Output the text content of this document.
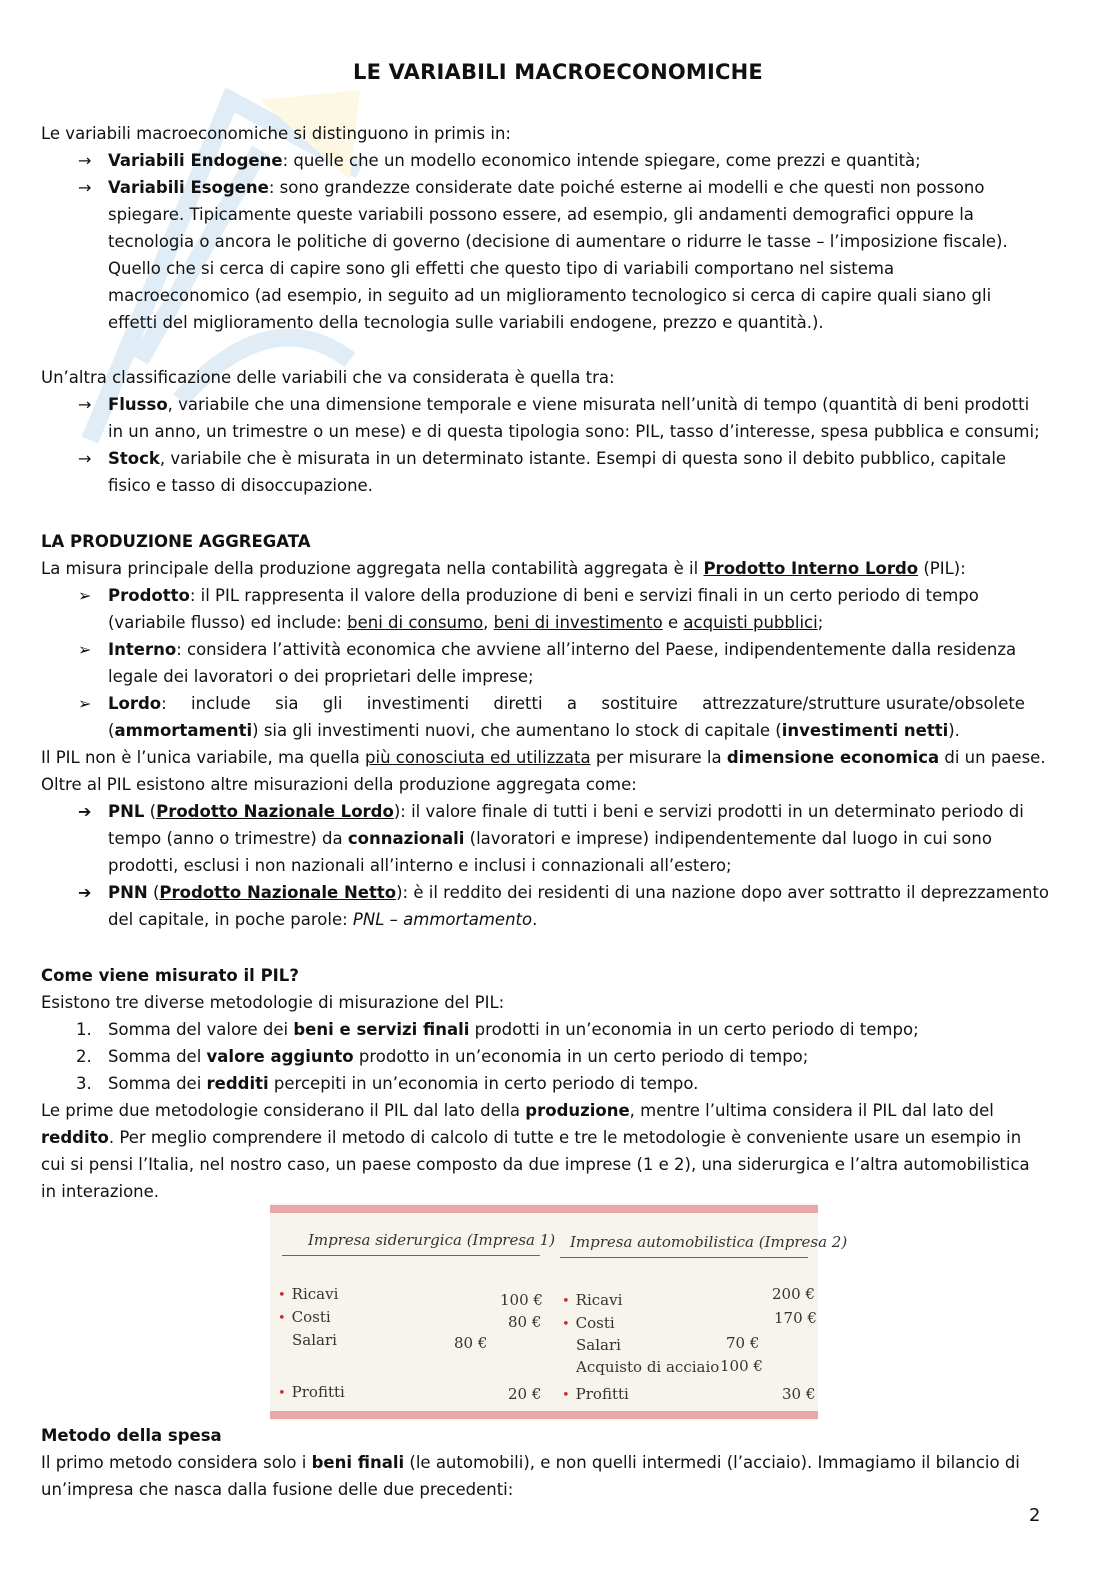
LE VARIABILI MACROECONOMICHE
Le variabili macroeconomiche si distinguono in primis in:
→ Variabili Endogene: quelle che un modello economico intende spiegare, come prezzi e quantità;
→ Variabili Esogene: sono grandezze considerate date poiché esterne ai modelli e che questi non possono
spiegare. Tipicamente queste variabili possono essere, ad esempio, gli andamenti demografici oppure la
tecnologia o ancora le politiche di governo (decisione di aumentare o ridurre le tasse – l’imposizione fiscale).
Quello che si cerca di capire sono gli effetti che questo tipo di variabili comportano nel sistema
macroeconomico (ad esempio, in seguito ad un miglioramento tecnologico si cerca di capire quali siano gli
effetti del miglioramento della tecnologia sulle variabili endogene, prezzo e quantità.).
Un’altra classificazione delle variabili che va considerata è quella tra:
→ Flusso, variabile che una dimensione temporale e viene misurata nell’unità di tempo (quantità di beni prodotti
in un anno, un trimestre o un mese) e di questa tipologia sono: PIL, tasso d’interesse, spesa pubblica e consumi;
→ Stock, variabile che è misurata in un determinato istante. Esempi di questa sono il debito pubblico, capitale
fisico e tasso di disoccupazione.
LA PRODUZIONE AGGREGATA
La misura principale della produzione aggregata nella contabilità aggregata è il Prodotto Interno Lordo (PIL):
➢ Prodotto: il PIL rappresenta il valore della produzione di beni e servizi finali in un certo periodo di tempo
(variabile flusso) ed include: beni di consumo, beni di investimento e acquisti pubblici;
➢ Interno: considera l’attività economica che avviene all’interno del Paese, indipendentemente dalla residenza
legale dei lavoratori o dei proprietari delle imprese;
➢ Lordo: include sia gli investimenti diretti a sostituire attrezzature/strutture usurate/obsolete
(ammortamenti) sia gli investimenti nuovi, che aumentano lo stock di capitale (investimenti netti).
Il PIL non è l’unica variabile, ma quella più conosciuta ed utilizzata per misurare la dimensione economica di un paese.
Oltre al PIL esistono altre misurazioni della produzione aggregata come:
➔ PNL (Prodotto Nazionale Lordo): il valore finale di tutti i beni e servizi prodotti in un determinato periodo di
tempo (anno o trimestre) da connazionali (lavoratori e imprese) indipendentemente dal luogo in cui sono
prodotti, esclusi i non nazionali all’interno e inclusi i connazionali all’estero;
➔ PNN (Prodotto Nazionale Netto): è il reddito dei residenti di una nazione dopo aver sottratto il deprezzamento
del capitale, in poche parole: PNL – ammortamento.
Come viene misurato il PIL?
Esistono tre diverse metodologie di misurazione del PIL:
1. Somma del valore dei beni e servizi finali prodotti in un’economia in un certo periodo di tempo;
2. Somma del valore aggiunto prodotto in un’economia in un certo periodo di tempo;
3. Somma dei redditi percepiti in un’economia in certo periodo di tempo.
Le prime due metodologie considerano il PIL dal lato della produzione, mentre l’ultima considera il PIL dal lato del
reddito. Per meglio comprendere il metodo di calcolo di tutte e tre le metodologie è conveniente usare un esempio in
cui si pensi l’Italia, nel nostro caso, un paese composto da due imprese (1 e 2), una siderurgica e l’altra automobilistica
in interazione.
Impresa siderurgica (Impresa 1) Impresa automobilistica (Impresa 2)
• Ricavi
• Costi
Salari
• Profitti
100 €
80 €
80 €
20 €
• Ricavi
• Costi
Salari
Acquisto di acciaio
• Profitti
200 €
170 €
70 €
100 €
30 €
Metodo della spesa
Il primo metodo considera solo i beni finali (le automobili), e non quelli intermedi (l’acciaio). Immagiamo il bilancio di
un’impresa che nasca dalla fusione delle due precedenti:
2
